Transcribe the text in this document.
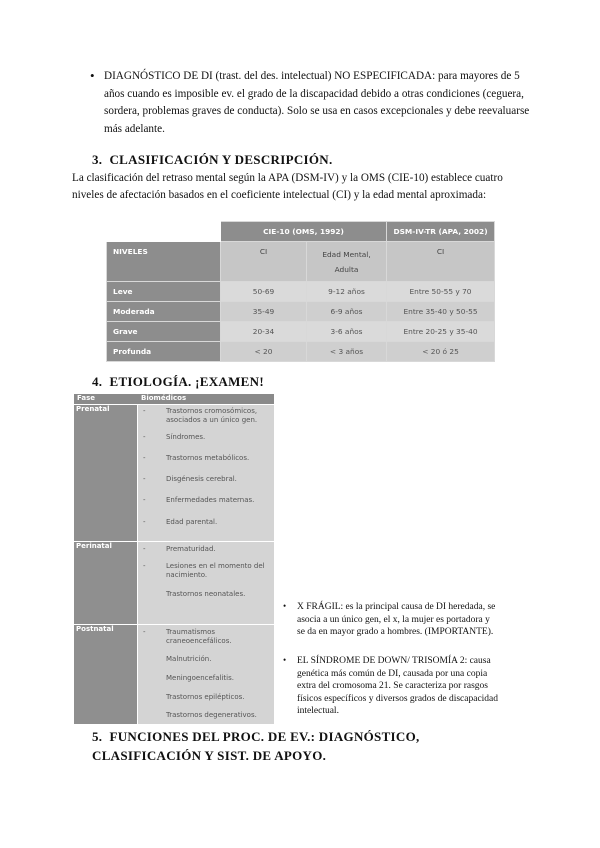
• DIAGNÓSTICO DE DI (trast. del des. intelectual) NO ESPECIFICADA: para mayores de 5 años cuando es imposible ev. el grado de la discapacidad debido a otras condiciones (ceguera, sordera, problemas graves de conducta). Solo se usa en casos excepcionales y debe reevaluarse más adelante.
3. CLASIFICACIÓN Y DESCRIPCIÓN.
La clasificación del retraso mental según la APA (DSM-IV) y la OMS (CIE-10) establece cuatro niveles de afectación basados en el coeficiente intelectual (CI) y la edad mental aproximada:
	CIE-10 (OMS, 1992)		DSM-IV-TR (APA, 2002)
NIVELES	CI	Edad Mental, Adulta	CI
Leve	50-69	9-12 años	Entre 50-55 y 70
Moderada	35-49	6-9 años	Entre 35-40 y 50-55
Grave	20-34	3-6 años	Entre 20-25 y 35-40
Profunda	< 20	< 3 años	< 20 ó 25
4. ETIOLOGÍA. ¡EXAMEN!
Fase	Biomédicos
Prenatal	-	Trastornos cromosómicos, asociados a un único gen.
-	Síndromes.
-	Trastornos metabólicos.
-	Disgénesis cerebral.
-	Enfermedades maternas.
-	Edad parental.
Perinatal	-	Prematuridad.
-	Lesiones en el momento del nacimiento.
Trastornos neonatales.
Postnatal	-	Traumatismos craneoencefálicos.
Malnutrición.
Meningoencefalitis.
Trastornos epilépticos.
Trastornos degenerativos.
• X FRÁGIL: es la principal causa de DI heredada, se asocia a un único gen, el x, la mujer es portadora y se da en mayor grado a hombres. (IMPORTANTE).
• EL SÍNDROME DE DOWN/ TRISOMÍA 2: causa genética más común de DI, causada por una copia extra del cromosoma 21. Se caracteriza por rasgos físicos específicos y diversos grados de discapacidad intelectual.
5. FUNCIONES DEL PROC. DE EV.: DIAGNÓSTICO, CLASIFICACIÓN Y SIST. DE APOYO.
